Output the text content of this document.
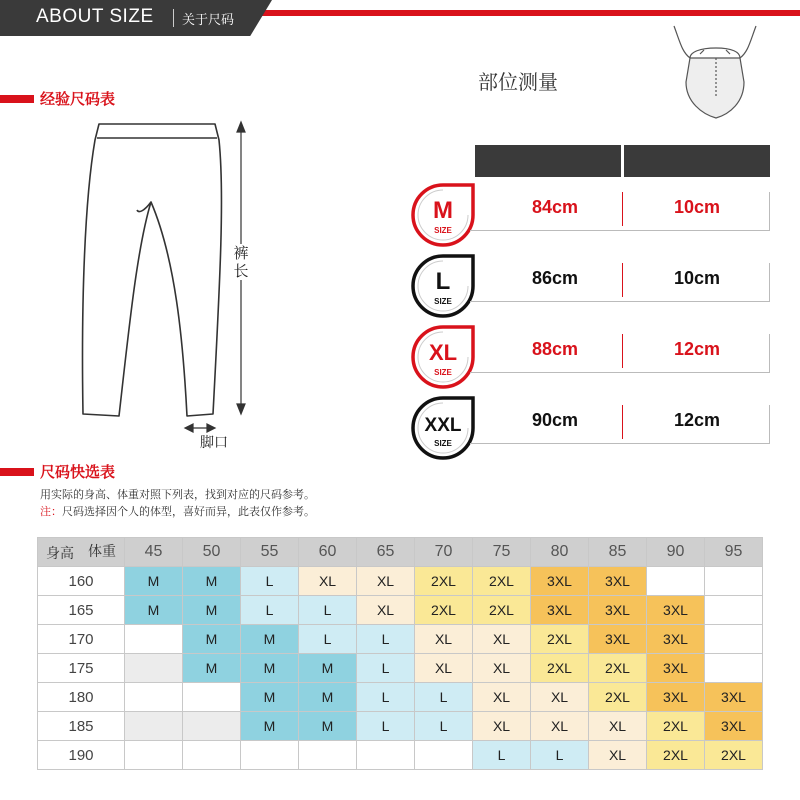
ABOUT SIZE 关于尺码
经验尺码表
部位测量
裤长
脚口
M
SIZE
84cm	10cm
L
SIZE
86cm	10cm
XL
SIZE
88cm	12cm
XXL
SIZE
90cm	12cm
尺码快选表
用实际的身高、体重对照下列表，找到对应的尺码参考。
注：尺码选择因个人的体型，喜好而异，此表仅作参考。
体重
身高	45	50	55	60	65	70	75	80	85	90	95
160	M	M	L	XL	XL	2XL	2XL	3XL	3XL		
165	M	M	L	L	XL	2XL	2XL	3XL	3XL	3XL	
170		M	M	L	L	XL	XL	2XL	3XL	3XL	
175		M	M	M	L	XL	XL	2XL	2XL	3XL	
180			M	M	L	L	XL	XL	2XL	3XL	3XL
185			M	M	L	L	XL	XL	XL	2XL	3XL
190							L	L	XL	2XL	2XL
